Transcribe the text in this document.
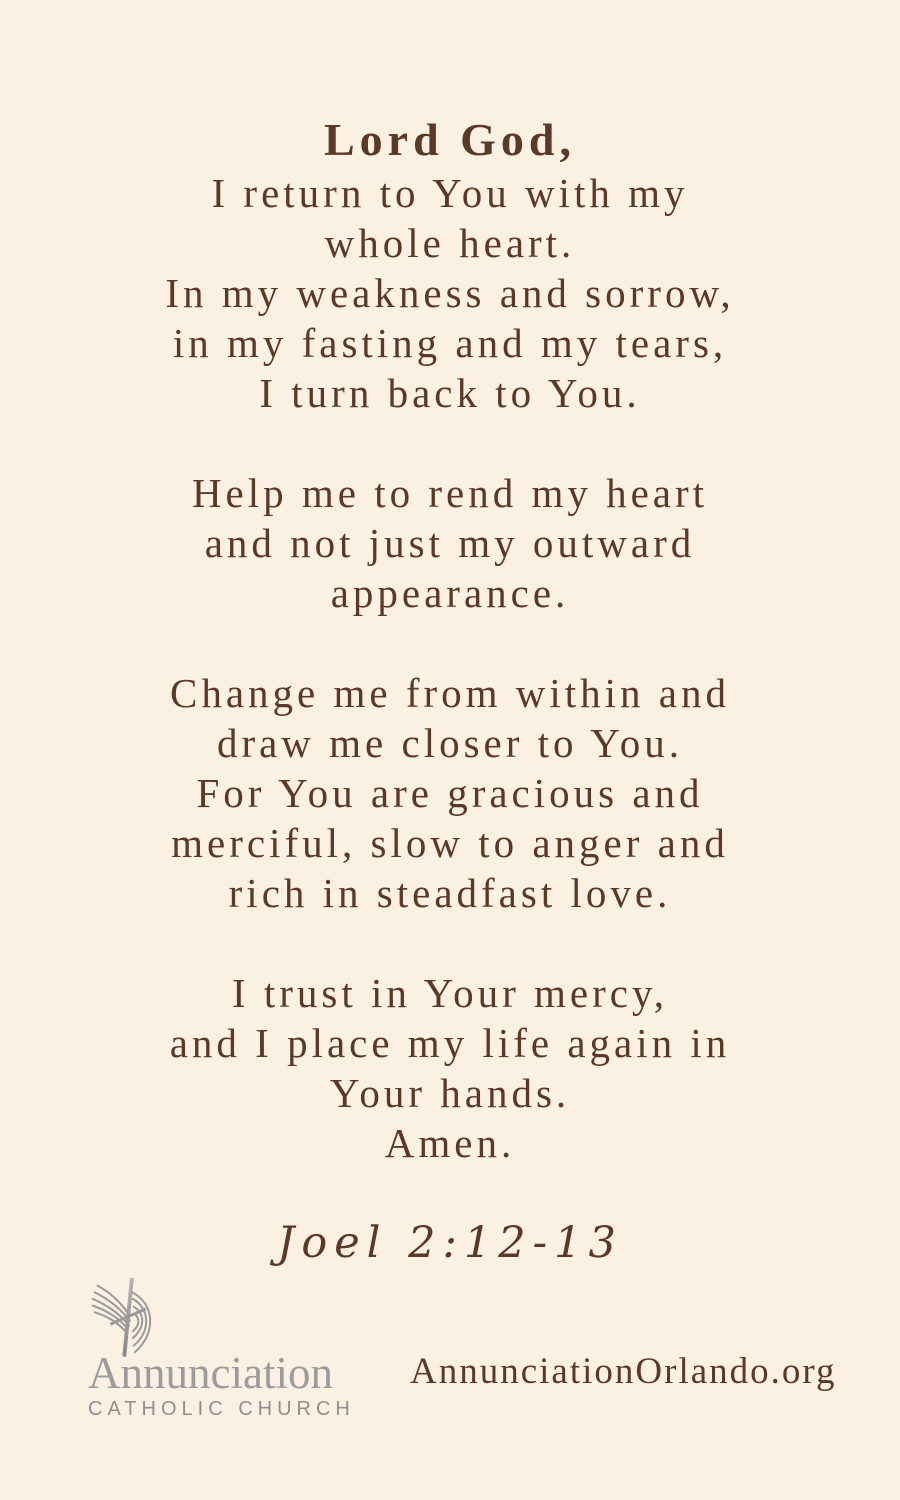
Lord God,
I return to You with my
whole heart.
In my weakness and sorrow,
in my fasting and my tears,
I turn back to You.
Help me to rend my heart
and not just my outward
appearance.
Change me from within and
draw me closer to You.
For You are gracious and
merciful, slow to anger and
rich in steadfast love.
I trust in Your mercy,
and I place my life again in
Your hands.
Amen.
Joel 2:12-13
Annunciation
CATHOLIC CHURCH
AnnunciationOrlando.org
